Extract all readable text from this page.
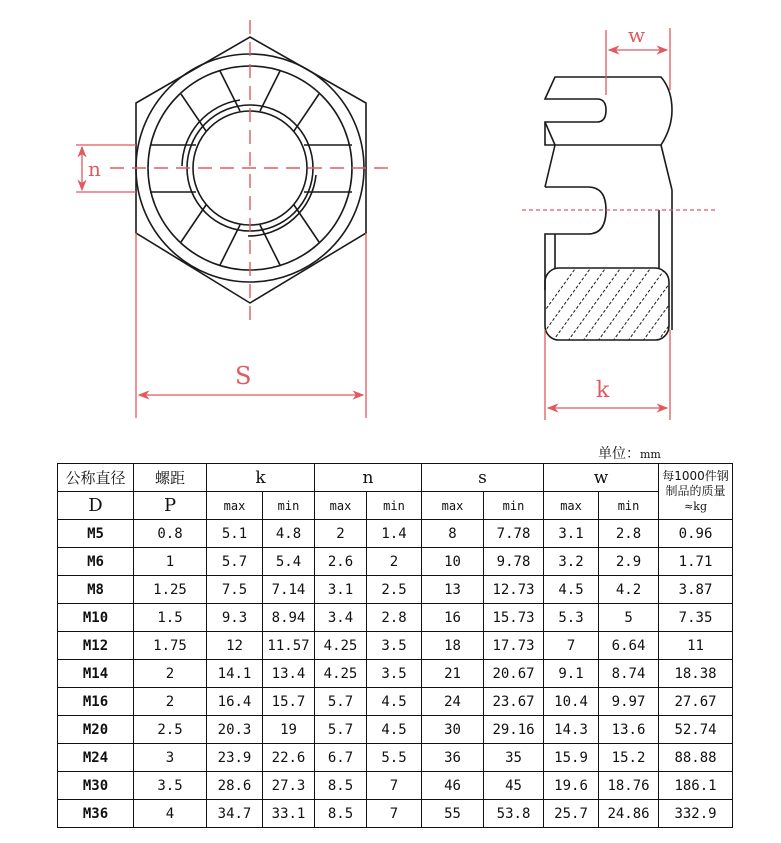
n
S
w
k
单位：mm
公称直径	螺距	k		n		s		w		每1000件钢
制品的质量
≈kg

D	P	max	min	max	min	max	min	max	min	
M5	0.8	5.1	4.8	2	1.4	8	7.78	3.1	2.8	0.96
M6	1	5.7	5.4	2.6	2	10	9.78	3.2	2.9	1.71
M8	1.25	7.5	7.14	3.1	2.5	13	12.73	4.5	4.2	3.87
M10	1.5	9.3	8.94	3.4	2.8	16	15.73	5.3	5	7.35
M12	1.75	12	11.57	4.25	3.5	18	17.73	7	6.64	11
M14	2	14.1	13.4	4.25	3.5	21	20.67	9.1	8.74	18.38
M16	2	16.4	15.7	5.7	4.5	24	23.67	10.4	9.97	27.67
M20	2.5	20.3	19	5.7	4.5	30	29.16	14.3	13.6	52.74
M24	3	23.9	22.6	6.7	5.5	36	35	15.9	15.2	88.88
M30	3.5	28.6	27.3	8.5	7	46	45	19.6	18.76	186.1
M36	4	34.7	33.1	8.5	7	55	53.8	25.7	24.86	332.9
